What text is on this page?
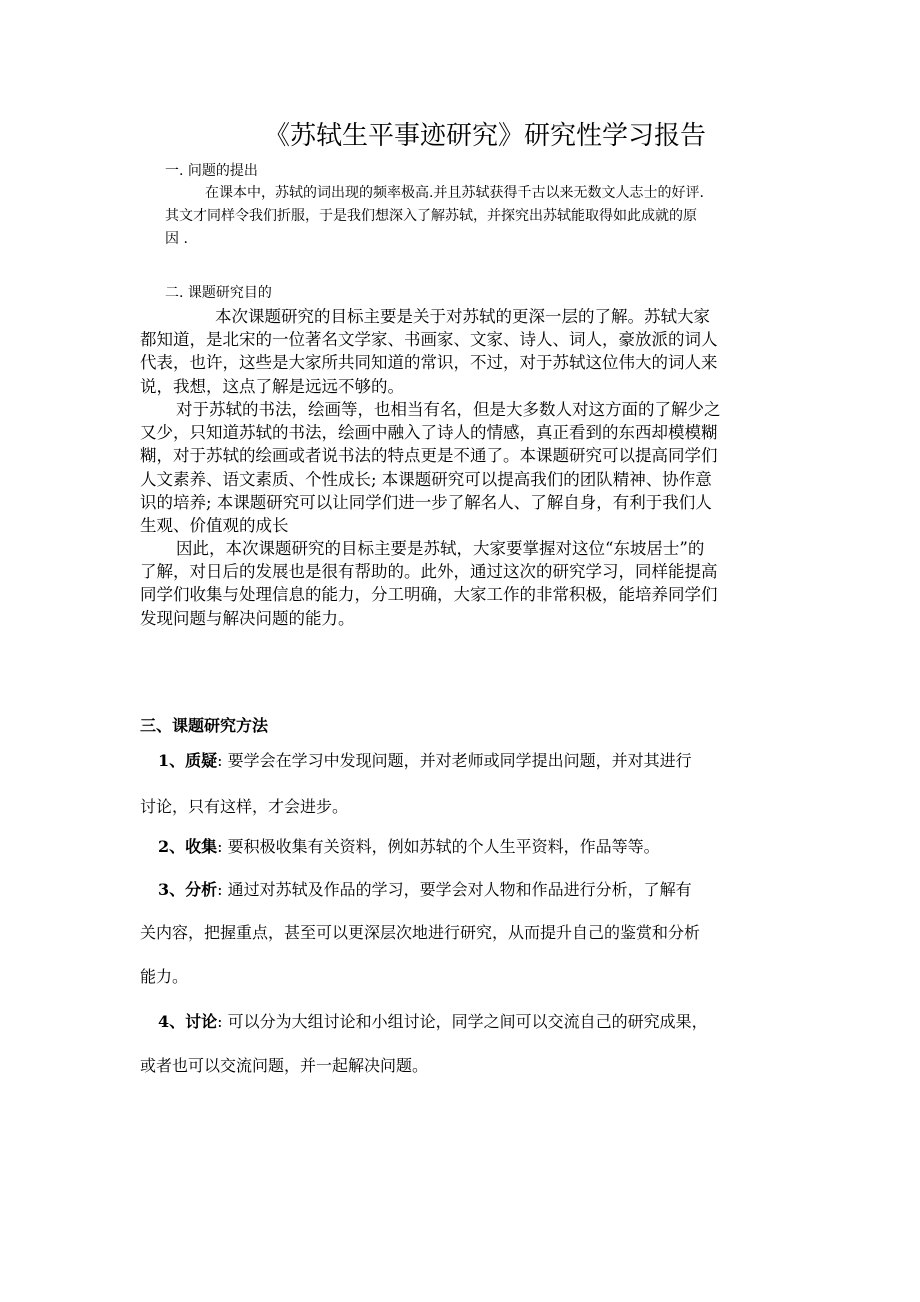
《苏轼生平事迹研究》研究性学习报告
一. 问题的提出
在课本中，苏轼的词出现的频率极高.并且苏轼获得千古以来无数文人志士的好评.
其文才同样令我们折服，于是我们想深入了解苏轼，并探究出苏轼能取得如此成就的原
因 .
二. 课题研究目的
本次课题研究的目标主要是关于对苏轼的更深一层的了解。苏轼大家
都知道，是北宋的一位著名文学家、书画家、文家、诗人、词人，豪放派的词人
代表，也许，这些是大家所共同知道的常识，不过，对于苏轼这位伟大的词人来
说，我想，这点了解是远远不够的。
对于苏轼的书法，绘画等，也相当有名，但是大多数人对这方面的了解少之
又少，只知道苏轼的书法，绘画中融入了诗人的情感，真正看到的东西却模模糊
糊，对于苏轼的绘画或者说书法的特点更是不通了。本课题研究可以提高同学们
人文素养、语文素质、个性成长; 本课题研究可以提高我们的团队精神、协作意
识的培养; 本课题研究可以让同学们进一步了解名人、了解自身，有利于我们人
生观、价值观的成长
因此，本次课题研究的目标主要是苏轼，大家要掌握对这位“东坡居士”的
了解，对日后的发展也是很有帮助的。此外，通过这次的研究学习，同样能提高
同学们收集与处理信息的能力，分工明确，大家工作的非常积极，能培养同学们
发现问题与解决问题的能力。
三、课题研究方法
1、质疑: 要学会在学习中发现问题，并对老师或同学提出问题，并对其进行
讨论，只有这样，才会进步。
2、收集: 要积极收集有关资料，例如苏轼的个人生平资料，作品等等。
3、分析: 通过对苏轼及作品的学习，要学会对人物和作品进行分析，了解有
关内容，把握重点，甚至可以更深层次地进行研究，从而提升自己的鉴赏和分析
能力。
4、讨论: 可以分为大组讨论和小组讨论，同学之间可以交流自己的研究成果，
或者也可以交流问题，并一起解决问题。
